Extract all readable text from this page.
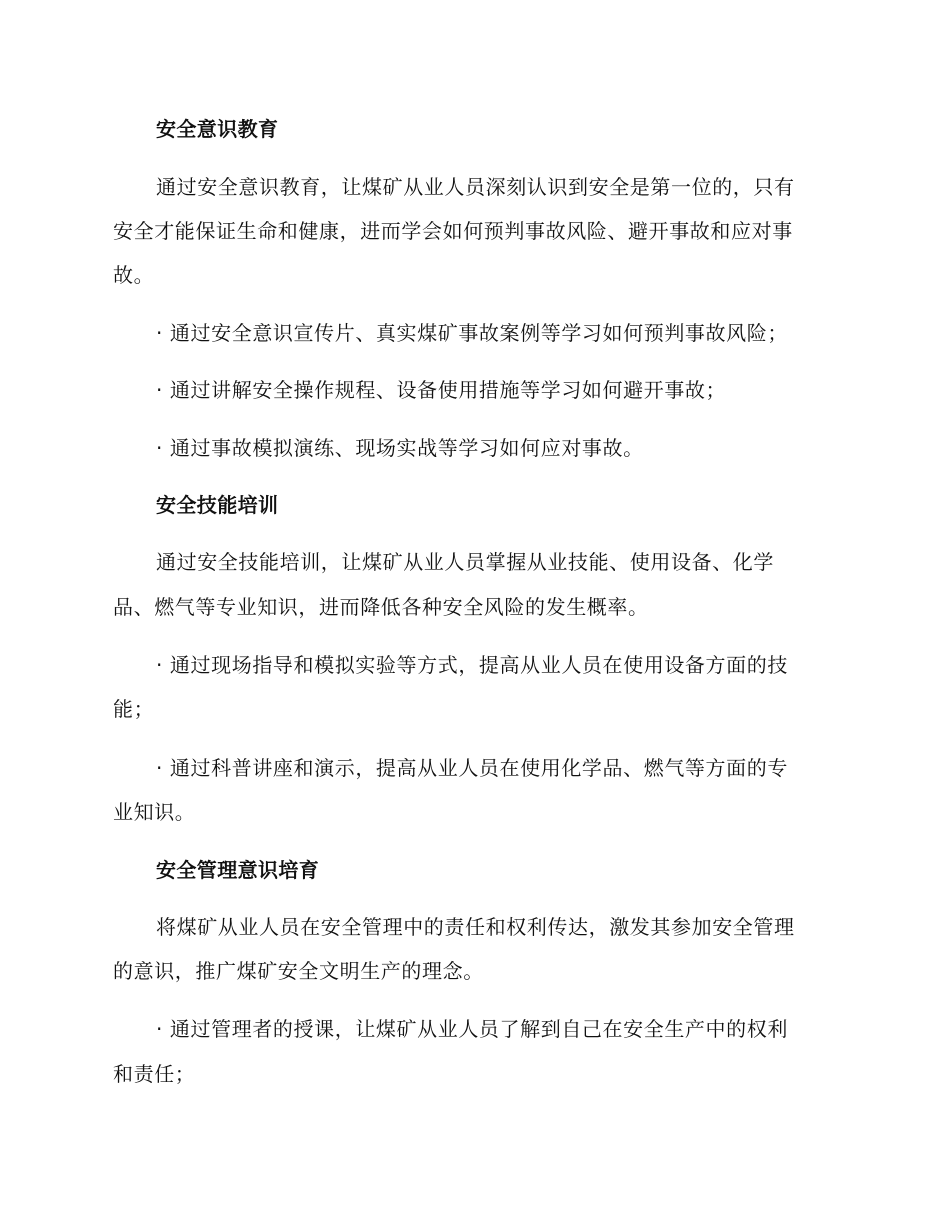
安全意识教育
通过安全意识教育，让煤矿从业人员深刻认识到安全是第一位的，只有
安全才能保证生命和健康，进而学会如何预判事故风险、避开事故和应对事
故。
· 通过安全意识宣传片、真实煤矿事故案例等学习如何预判事故风险；
· 通过讲解安全操作规程、设备使用措施等学习如何避开事故；
· 通过事故模拟演练、现场实战等学习如何应对事故。
安全技能培训
通过安全技能培训，让煤矿从业人员掌握从业技能、使用设备、化学
品、燃气等专业知识，进而降低各种安全风险的发生概率。
· 通过现场指导和模拟实验等方式，提高从业人员在使用设备方面的技
能；
· 通过科普讲座和演示，提高从业人员在使用化学品、燃气等方面的专
业知识。
安全管理意识培育
将煤矿从业人员在安全管理中的责任和权利传达，激发其参加安全管理
的意识，推广煤矿安全文明生产的理念。
· 通过管理者的授课，让煤矿从业人员了解到自己在安全生产中的权利
和责任；
